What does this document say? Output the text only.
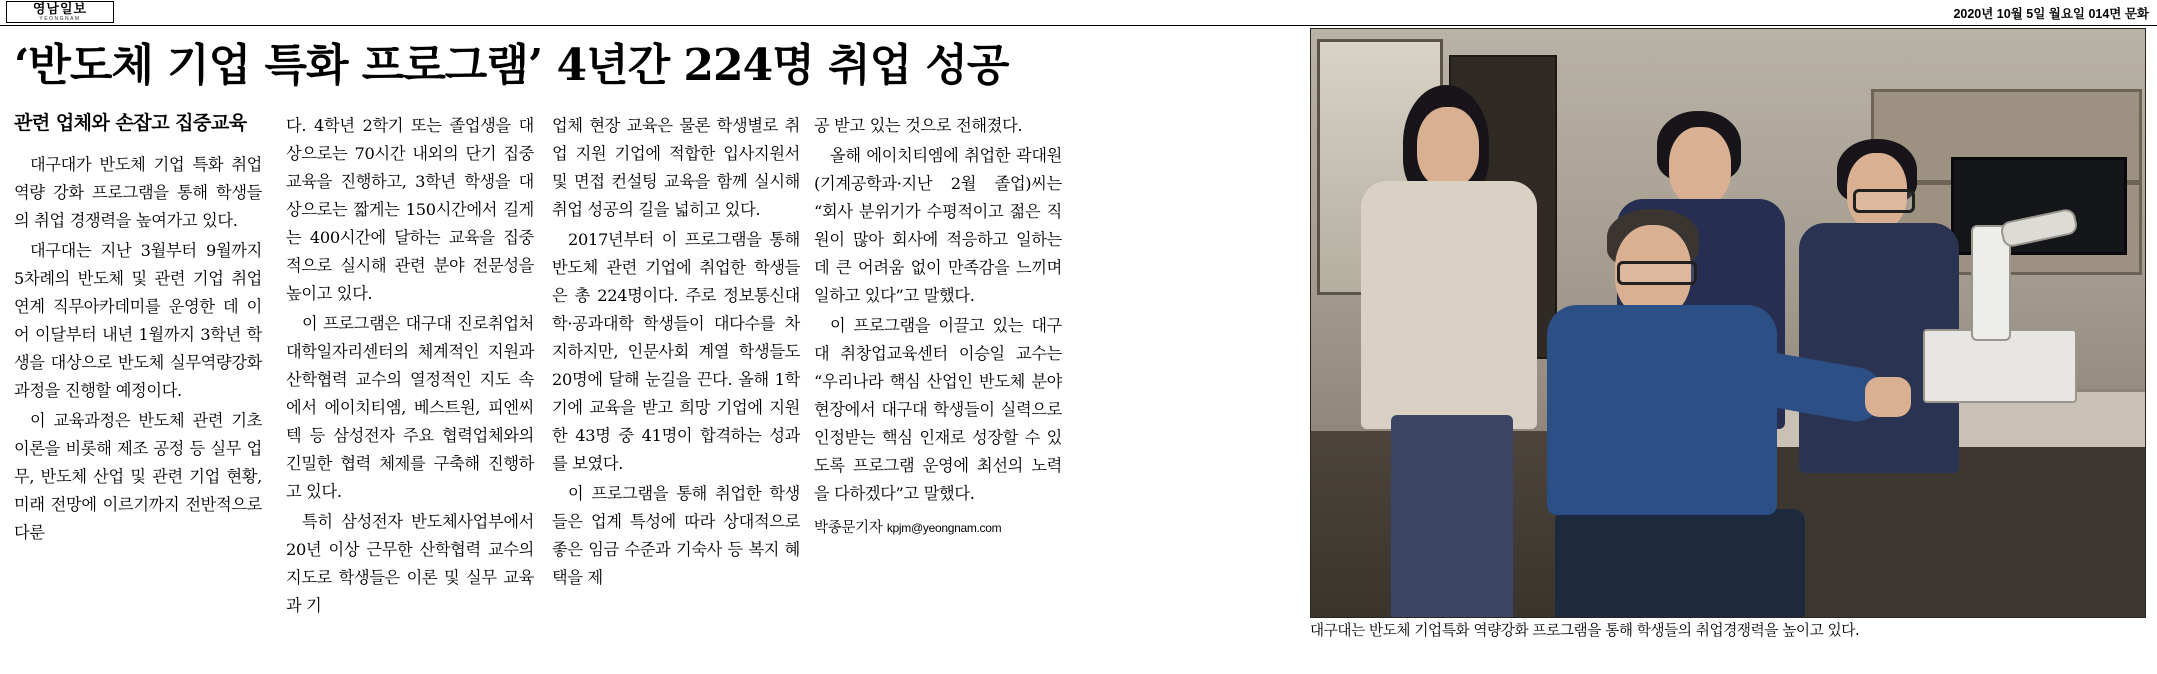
영남일보
YEONGNAM	2020년 10월 5일 월요일 014면 문화
‘반도체 기업 특화 프로그램’ 4년간 224명 취업 성공
관련 업체와 손잡고 집중교육

대구대가 반도체 기업 특화 취업 역량 강화 프로그램을 통해 학생들의 취업 경쟁력을 높여가고 있다.

대구대는 지난 3월부터 9월까지 5차례의 반도체 및 관련 기업 취업 연계 직무아카데미를 운영한 데 이어 이달부터 내년 1월까지 3학년 학생을 대상으로 반도체 실무역량강화 과정을 진행할 예정이다.

이 교육과정은 반도체 관련 기초 이론을 비롯해 제조 공정 등 실무 업무, 반도체 산업 및 관련 기업 현황, 미래 전망에 이르기까지 전반적으로 다룬

다. 4학년 2학기 또는 졸업생을 대상으로는 70시간 내외의 단기 집중교육을 진행하고, 3학년 학생을 대상으로는 짧게는 150시간에서 길게는 400시간에 달하는 교육을 집중적으로 실시해 관련 분야 전문성을 높이고 있다.

이 프로그램은 대구대 진로취업처 대학일자리센터의 체계적인 지원과 산학협력 교수의 열정적인 지도 속에서 에이치티엠, 베스트원, 피엔씨텍 등 삼성전자 주요 협력업체와의 긴밀한 협력 체제를 구축해 진행하고 있다.

특히 삼성전자 반도체사업부에서 20년 이상 근무한 산학협력 교수의 지도로 학생들은 이론 및 실무 교육과 기

업체 현장 교육은 물론 학생별로 취업 지원 기업에 적합한 입사지원서 및 면접 컨설팅 교육을 함께 실시해 취업 성공의 길을 넓히고 있다.

2017년부터 이 프로그램을 통해 반도체 관련 기업에 취업한 학생들은 총 224명이다. 주로 정보통신대학·공과대학 학생들이 대다수를 차지하지만, 인문사회 계열 학생들도 20명에 달해 눈길을 끈다. 올해 1학기에 교육을 받고 희망 기업에 지원한 43명 중 41명이 합격하는 성과를 보였다.

이 프로그램을 통해 취업한 학생들은 업계 특성에 따라 상대적으로 좋은 임금 수준과 기숙사 등 복지 혜택을 제

공 받고 있는 것으로 전해졌다.

올해 에이치티엠에 취업한 곽대원(기계공학과·지난 2월 졸업)씨는 “회사 분위기가 수평적이고 젊은 직원이 많아 회사에 적응하고 일하는 데 큰 어려움 없이 만족감을 느끼며 일하고 있다”고 말했다.

이 프로그램을 이끌고 있는 대구대 취창업교육센터 이승일 교수는 “우리나라 핵심 산업인 반도체 분야 현장에서 대구대 학생들이 실력으로 인정받는 핵심 인재로 성장할 수 있도록 프로그램 운영에 최선의 노력을 다하겠다”고 말했다.

박종문기자 kpjm@yeongnam.com
대구대는 반도체 기업특화 역량강화 프로그램을 통해 학생들의 취업경쟁력을 높이고 있다.
